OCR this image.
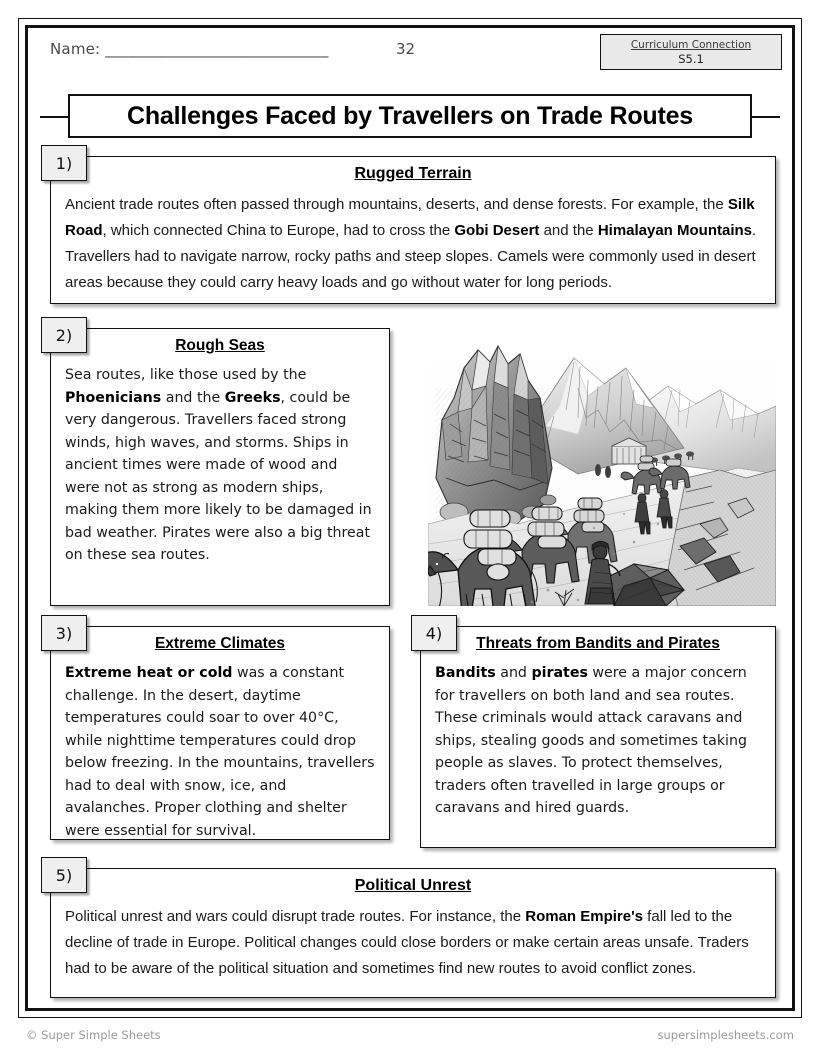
Name: _____________________________	32	Curriculum Connection
S5.1
Challenges Faced by Travellers on Trade Routes
1)
Rugged Terrain
Ancient trade routes often passed through mountains, deserts, and dense forests. For example, the Silk Road, which connected China to Europe, had to cross the Gobi Desert and the Himalayan Mountains. Travellers had to navigate narrow, rocky paths and steep slopes. Camels were commonly used in desert areas because they could carry heavy loads and go without water for long periods.
2)
Rough Seas
Sea routes, like those used by the Phoenicians and the Greeks, could be very dangerous. Travellers faced strong winds, high waves, and storms. Ships in ancient times were made of wood and were not as strong as modern ships, making them more likely to be damaged in bad weather. Pirates were also a big threat on these sea routes.
3)
Extreme Climates
Extreme heat or cold was a constant challenge. In the desert, daytime temperatures could soar to over 40°C, while nighttime temperatures could drop below freezing. In the mountains, travellers had to deal with snow, ice, and avalanches. Proper clothing and shelter were essential for survival.
4)
Threats from Bandits and Pirates
Bandits and pirates were a major concern for travellers on both land and sea routes. These criminals would attack caravans and ships, stealing goods and sometimes taking people as slaves. To protect themselves, traders often travelled in large groups or caravans and hired guards.
5)
Political Unrest
Political unrest and wars could disrupt trade routes. For instance, the Roman Empire's fall led to the decline of trade in Europe. Political changes could close borders or make certain areas unsafe. Traders had to be aware of the political situation and sometimes find new routes to avoid conflict zones.
© Super Simple Sheets	supersimplesheets.com
